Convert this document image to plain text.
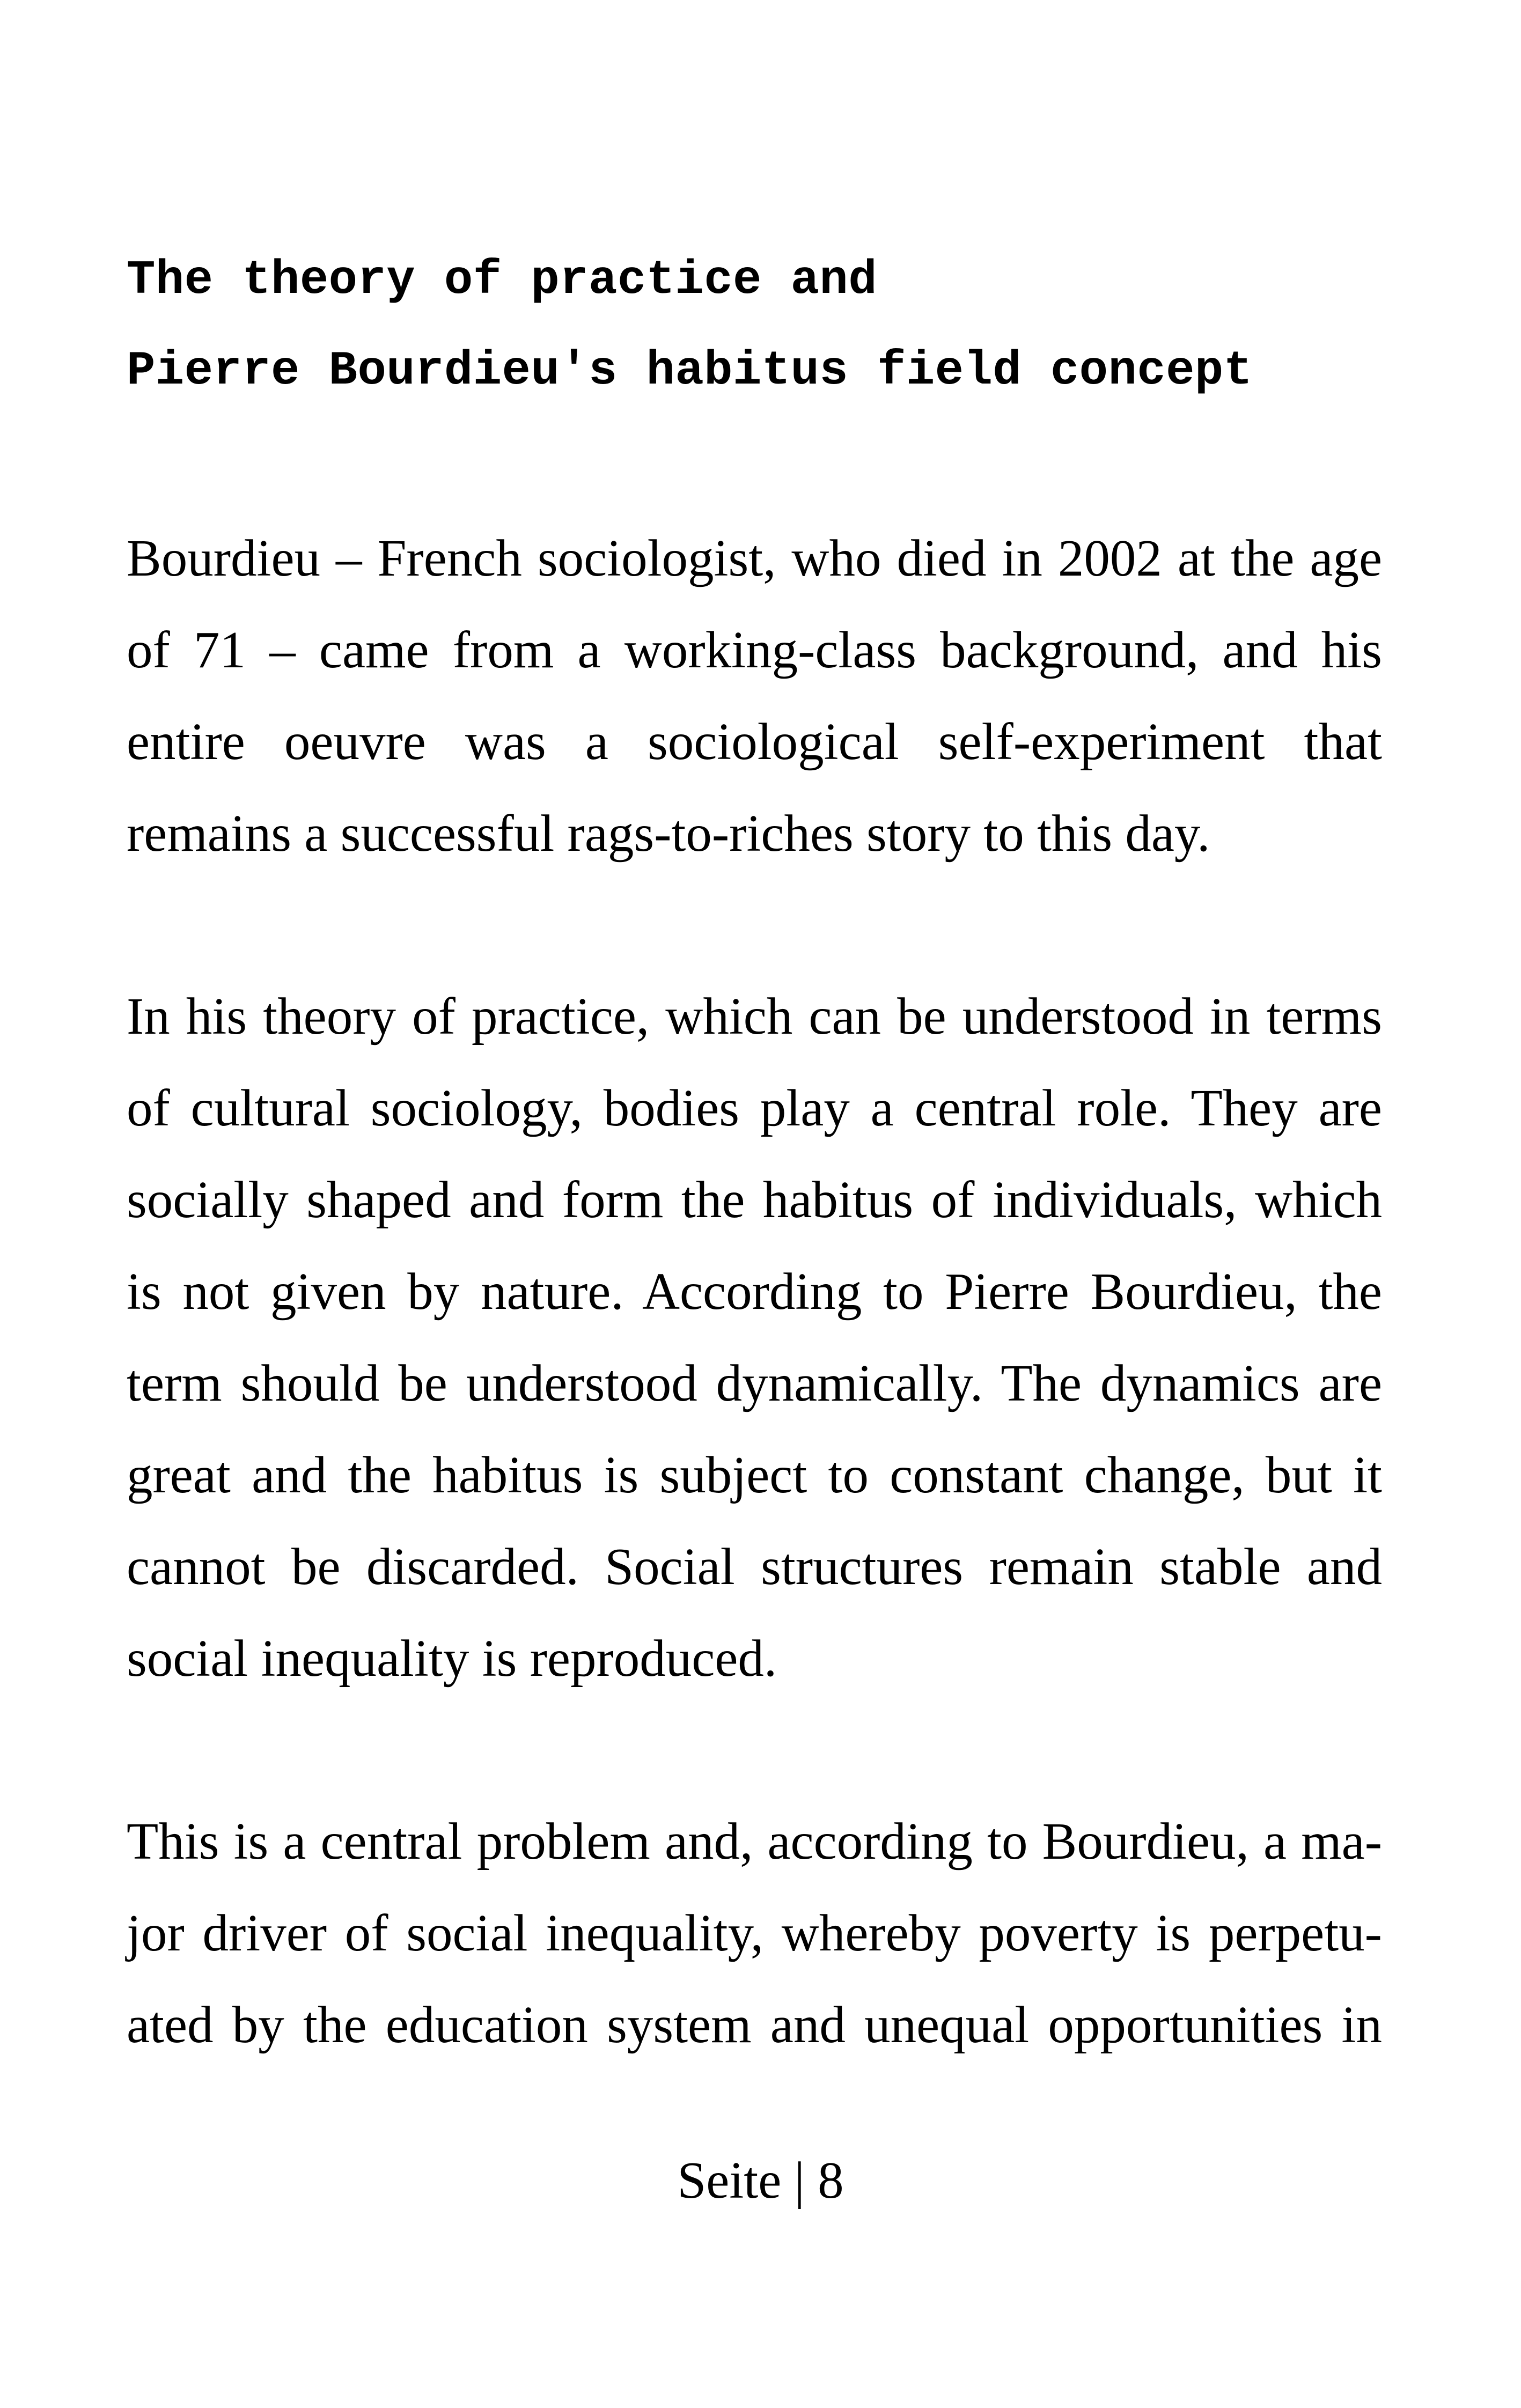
The theory of practice and
Pierre Bourdieu's habitus field concept
Bourdieu – French sociologist, who died in 2002 at the age
of 71 – came from a working-class background, and his
entire oeuvre was a sociological self-experiment that
remains a successful rags-to-riches story to this day.
In his theory of practice, which can be understood in terms
of cultural sociology, bodies play a central role. They are
socially shaped and form the habitus of individuals, which
is not given by nature. According to Pierre Bourdieu, the
term should be understood dynamically. The dynamics are
great and the habitus is subject to constant change, but it
cannot be discarded. Social structures remain stable and
social inequality is reproduced.
This is a central problem and, according to Bourdieu, a ma-
jor driver of social inequality, whereby poverty is perpetu-
ated by the education system and unequal opportunities in

Seite | 8
